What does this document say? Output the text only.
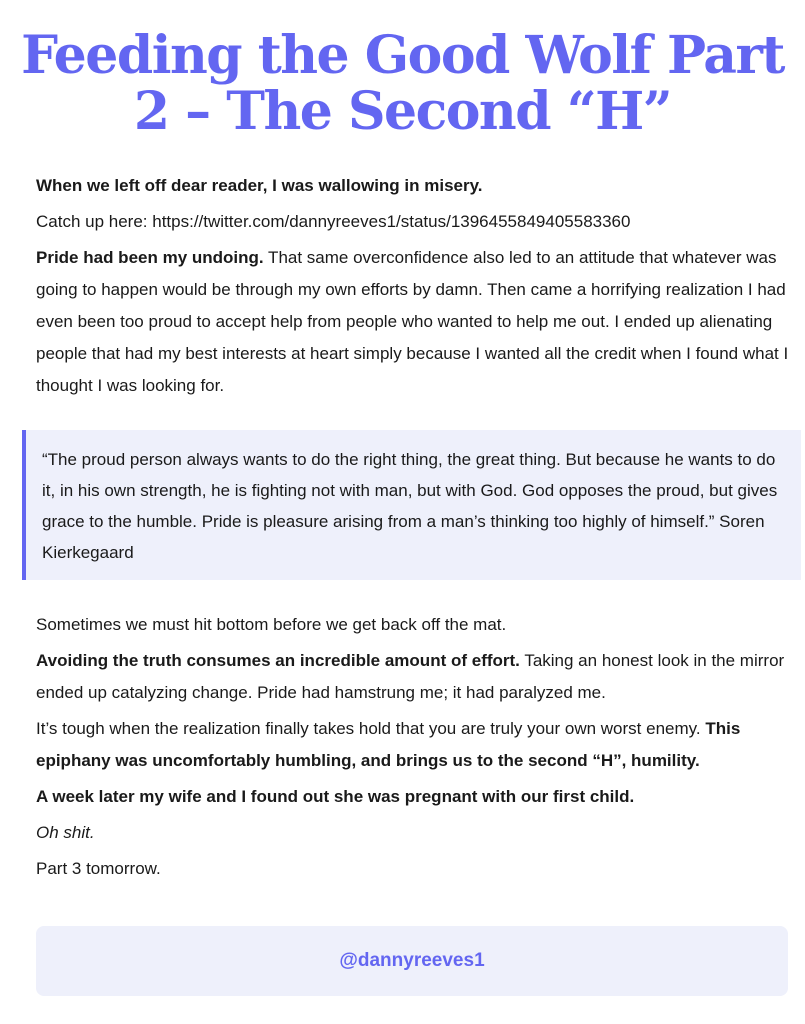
Feeding the Good Wolf Part 2 – The Second “H”

When we left off dear reader, I was wallowing in misery.

Catch up here: https://twitter.com/dannyreeves1/status/1396455849405583360

Pride had been my undoing. That same overconfidence also led to an attitude that whatever was going to happen would be through my own efforts by damn. Then came a horrifying realization I had even been too proud to accept help from people who wanted to help me out. I ended up alienating people that had my best interests at heart simply because I wanted all the credit when I found what I thought I was looking for.

“The proud person always wants to do the right thing, the great thing. But because he wants to do it, in his own strength, he is fighting not with man, but with God. God opposes the proud, but gives grace to the humble. Pride is pleasure arising from a man’s thinking too highly of himself.” Soren Kierkegaard

Sometimes we must hit bottom before we get back off the mat.

Avoiding the truth consumes an incredible amount of effort. Taking an honest look in the mirror ended up catalyzing change. Pride had hamstrung me; it had paralyzed me.

It’s tough when the realization finally takes hold that you are truly your own worst enemy. This epiphany was uncomfortably humbling, and brings us to the second “H”, humility.

A week later my wife and I found out she was pregnant with our first child.

Oh shit.

Part 3 tomorrow.

@dannyreeves1
